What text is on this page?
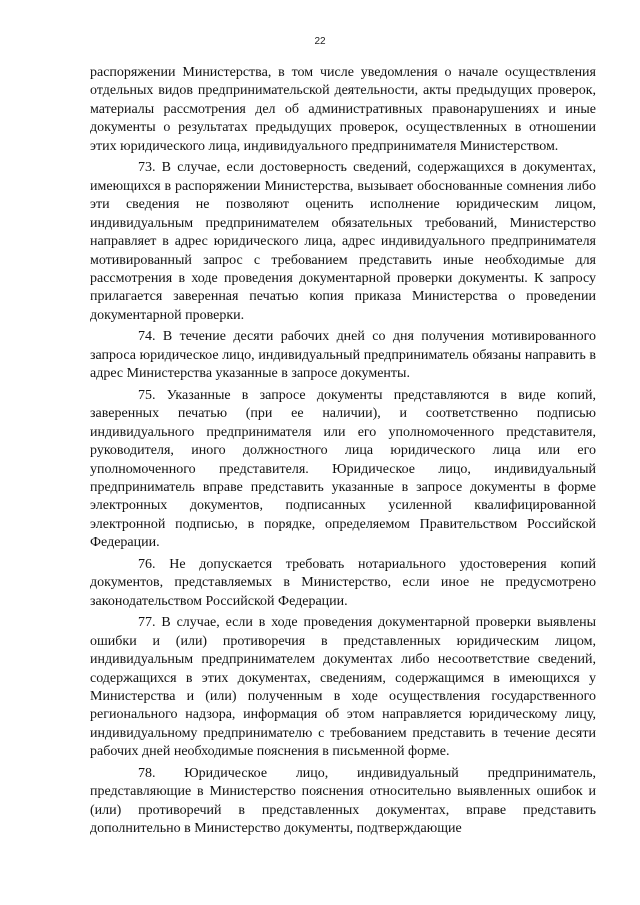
22

распоряжении Министерства, в том числе уведомления о начале осуществления отдельных видов предпринимательской деятельности, акты предыдущих проверок, материалы рассмотрения дел об административных правонарушениях и иные документы о результатах предыдущих проверок, осуществленных в отношении этих юридического лица, индивидуального предпринимателя Министерством.

73. В случае, если достоверность сведений, содержащихся в документах, имеющихся в распоряжении Министерства, вызывает обоснованные сомнения либо эти сведения не позволяют оценить исполнение юридическим лицом, индивидуальным предпринимателем обязательных требований, Министерство направляет в адрес юридического лица, адрес индивидуального предпринимателя мотивированный запрос с требованием представить иные необходимые для рассмотрения в ходе проведения документарной проверки документы. К запросу прилагается заверенная печатью копия приказа Министерства о проведении документарной проверки.

74. В течение десяти рабочих дней со дня получения мотивированного запроса юридическое лицо, индивидуальный предприниматель обязаны направить в адрес Министерства указанные в запросе документы.

75. Указанные в запросе документы представляются в виде копий, заверенных печатью (при ее наличии), и соответственно подписью индивидуального предпринимателя или его уполномоченного представителя, руководителя, иного должностного лица юридического лица или его уполномоченного представителя. Юридическое лицо, индивидуальный предприниматель вправе представить указанные в запросе документы в форме электронных документов, подписанных усиленной квалифицированной электронной подписью, в порядке, определяемом Правительством Российской Федерации.

76. Не допускается требовать нотариального удостоверения копий документов, представляемых в Министерство, если иное не предусмотрено законодательством Российской Федерации.

77. В случае, если в ходе проведения документарной проверки выявлены ошибки и (или) противоречия в представленных юридическим лицом, индивидуальным предпринимателем документах либо несоответствие сведений, содержащихся в этих документах, сведениям, содержащимся в имеющихся у Министерства и (или) полученным в ходе осуществления государственного регионального надзора, информация об этом направляется юридическому лицу, индивидуальному предпринимателю с требованием представить в течение десяти рабочих дней необходимые пояснения в письменной форме.

78. Юридическое лицо, индивидуальный предприниматель, представляющие в Министерство пояснения относительно выявленных ошибок и (или) противоречий в представленных документах, вправе представить дополнительно в Министерство документы, подтверждающие
